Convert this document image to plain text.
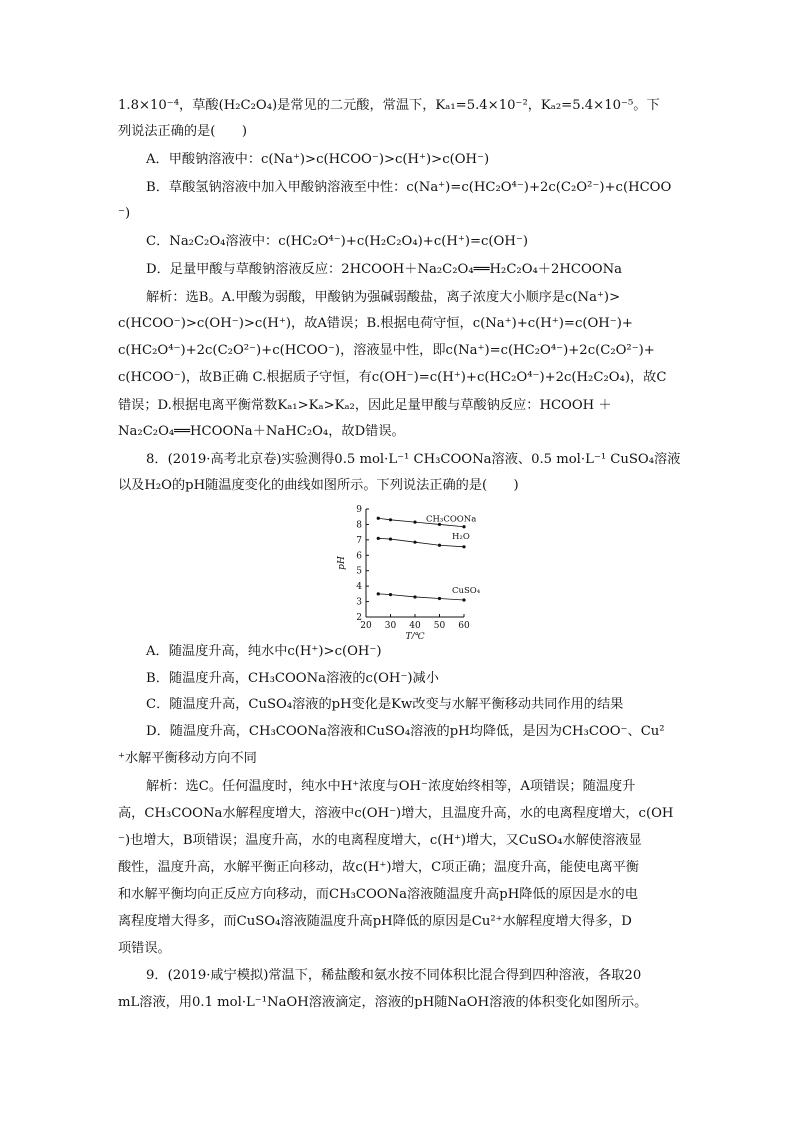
1.8×10⁻⁴，草酸(H₂C₂O₄)是常见的二元酸，常温下，Kₐ₁=5.4×10⁻²，Kₐ₂=5.4×10⁻⁵。下
列说法正确的是(　　)
A．甲酸钠溶液中：c(Na⁺)>c(HCOO⁻)>c(H⁺)>c(OH⁻)
B．草酸氢钠溶液中加入甲酸钠溶液至中性：c(Na⁺)=c(HC₂O⁴⁻)+2c(C₂O²⁻)+c(HCOO
⁻)
C．Na₂C₂O₄溶液中：c(HC₂O⁴⁻)+c(H₂C₂O₄)+c(H⁺)=c(OH⁻)
D．足量甲酸与草酸钠溶液反应：2HCOOH＋Na₂C₂O₄══H₂C₂O₄＋2HCOONa
解析：选B。A.甲酸为弱酸，甲酸钠为强碱弱酸盐，离子浓度大小顺序是c(Na⁺)>
c(HCOO⁻)>c(OH⁻)>c(H⁺)，故A错误；B.根据电荷守恒，c(Na⁺)+c(H⁺)=c(OH⁻)+
c(HC₂O⁴⁻)+2c(C₂O²⁻)+c(HCOO⁻)，溶液显中性，即c(Na⁺)=c(HC₂O⁴⁻)+2c(C₂O²⁻)+
c(HCOO⁻)，故B正确 C.根据质子守恒，有c(OH⁻)=c(H⁺)+c(HC₂O⁴⁻)+2c(H₂C₂O₄)，故C
错误；D.根据电离平衡常数Kₐ₁>Kₐ>Kₐ₂，因此足量甲酸与草酸钠反应：HCOOH ＋
Na₂C₂O₄══HCOONa＋NaHC₂O₄，故D错误。
8．(2019·高考北京卷)实验测得0.5 mol·L⁻¹ CH₃COONa溶液、0.5 mol·L⁻¹ CuSO₄溶液
以及H₂O的pH随温度变化的曲线如图所示。下列说法正确的是(　　)
2
3
4
5
6
7
8
9
20 30 40 50 60
T/℃
pH
CH₃COONa
H₂O
CuSO₄
A．随温度升高，纯水中c(H⁺)>c(OH⁻)
B．随温度升高，CH₃COONa溶液的c(OH⁻)减小
C．随温度升高，CuSO₄溶液的pH变化是Kw改变与水解平衡移动共同作用的结果
D．随温度升高，CH₃COONa溶液和CuSO₄溶液的pH均降低，是因为CH₃COO⁻、Cu²
⁺水解平衡移动方向不同
解析：选C。任何温度时，纯水中H⁺浓度与OH⁻浓度始终相等，A项错误；随温度升
高，CH₃COONa水解程度增大，溶液中c(OH⁻)增大，且温度升高，水的电离程度增大，c(OH
⁻)也增大，B项错误；温度升高，水的电离程度增大，c(H⁺)增大，又CuSO₄水解使溶液显
酸性，温度升高，水解平衡正向移动，故c(H⁺)增大，C项正确；温度升高，能使电离平衡
和水解平衡均向正反应方向移动，而CH₃COONa溶液随温度升高pH降低的原因是水的电
离程度增大得多，而CuSO₄溶液随温度升高pH降低的原因是Cu²⁺水解程度增大得多，D
项错误。
9．(2019·咸宁模拟)常温下，稀盐酸和氨水按不同体积比混合得到四种溶液，各取20
mL溶液，用0.1 mol·L⁻¹NaOH溶液滴定，溶液的pH随NaOH溶液的体积变化如图所示。
